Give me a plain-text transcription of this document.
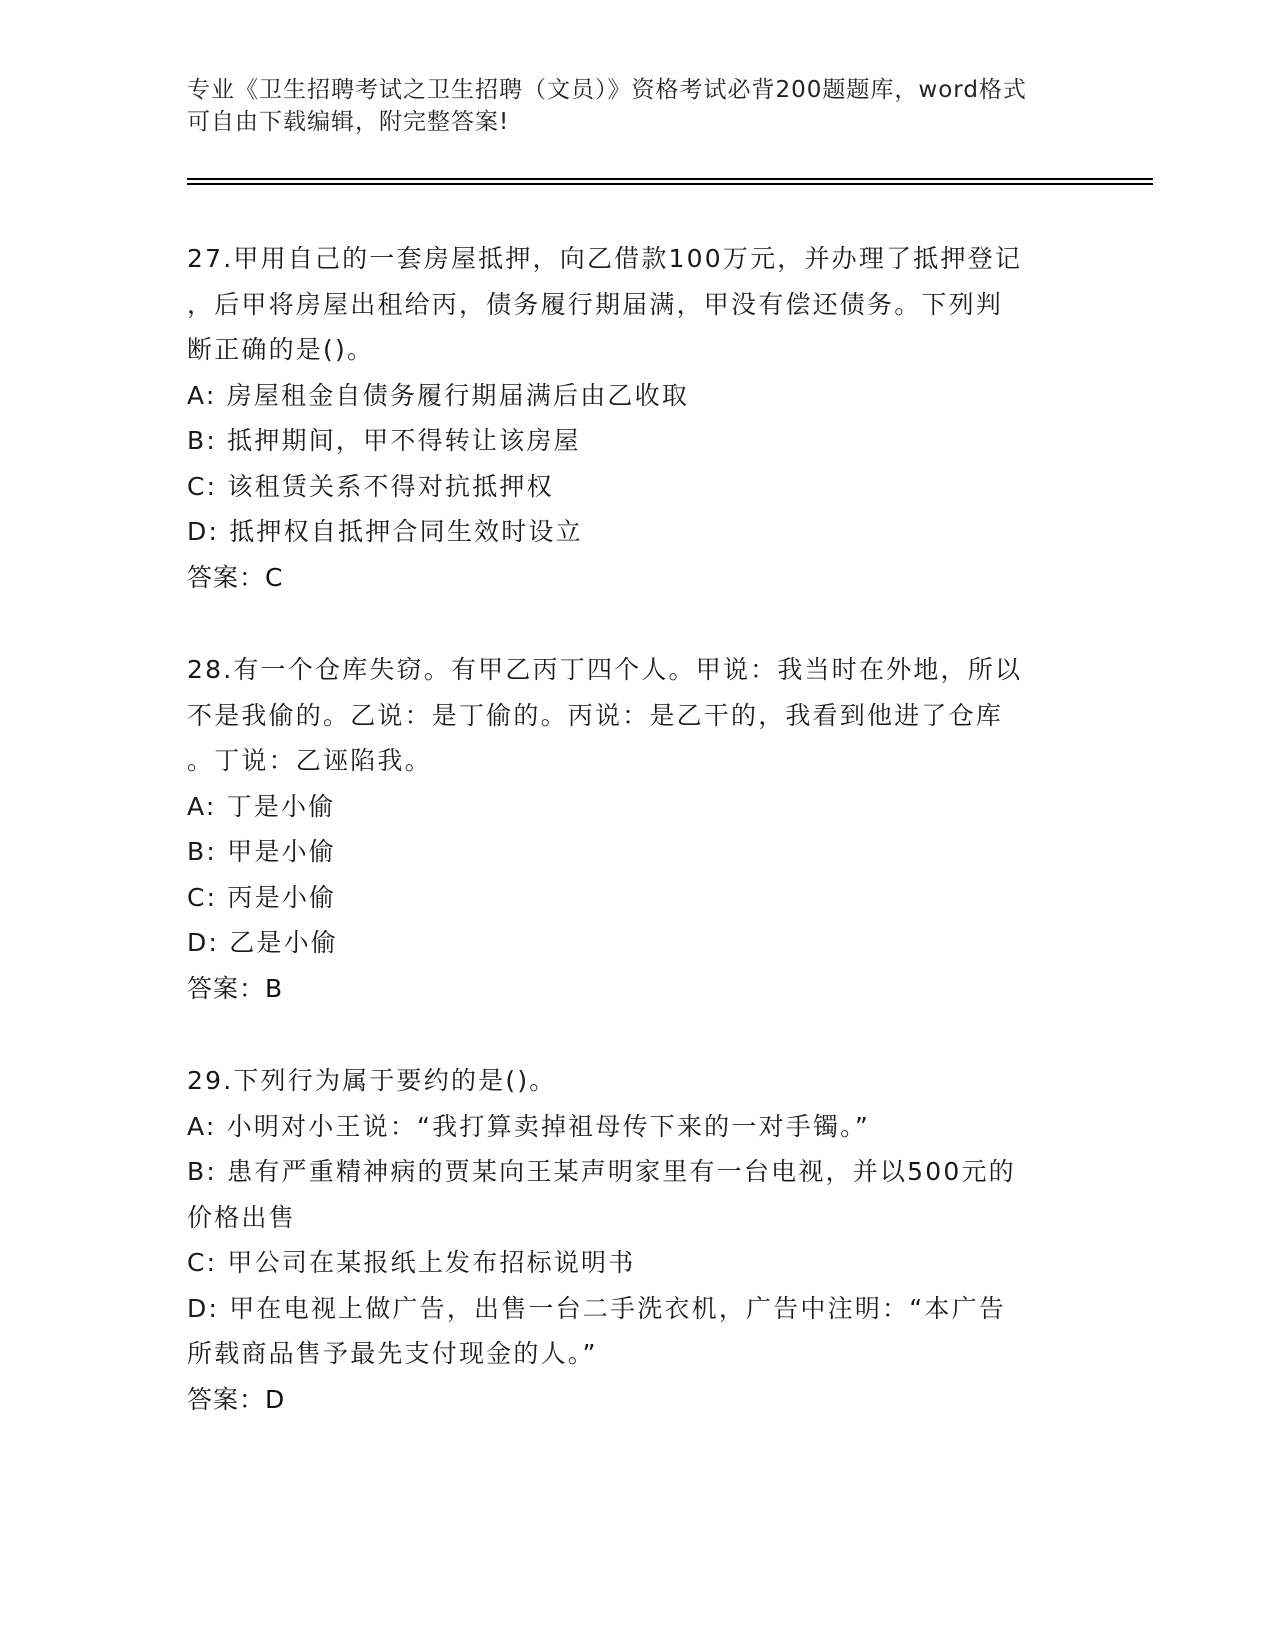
专业《卫生招聘考试之卫生招聘（文员）》资格考试必背200题题库，word格式
可自由下载编辑，附完整答案!
27.甲用自己的一套房屋抵押，向乙借款100万元，并办理了抵押登记
，后甲将房屋出租给丙，债务履行期届满，甲没有偿还债务。下列判
断正确的是()。
A: 房屋租金自债务履行期届满后由乙收取
B: 抵押期间，甲不得转让该房屋
C: 该租赁关系不得对抗抵押权
D: 抵押权自抵押合同生效时设立
答案：C
28.有一个仓库失窃。有甲乙丙丁四个人。甲说：我当时在外地，所以
不是我偷的。乙说：是丁偷的。丙说：是乙干的，我看到他进了仓库
。丁说：乙诬陷我。
A: 丁是小偷
B: 甲是小偷
C: 丙是小偷
D: 乙是小偷
答案：B
29.下列行为属于要约的是()。
A: 小明对小王说：“我打算卖掉祖母传下来的一对手镯。”
B: 患有严重精神病的贾某向王某声明家里有一台电视，并以500元的
价格出售
C: 甲公司在某报纸上发布招标说明书
D: 甲在电视上做广告，出售一台二手洗衣机，广告中注明：“本广告
所载商品售予最先支付现金的人。”
答案：D
